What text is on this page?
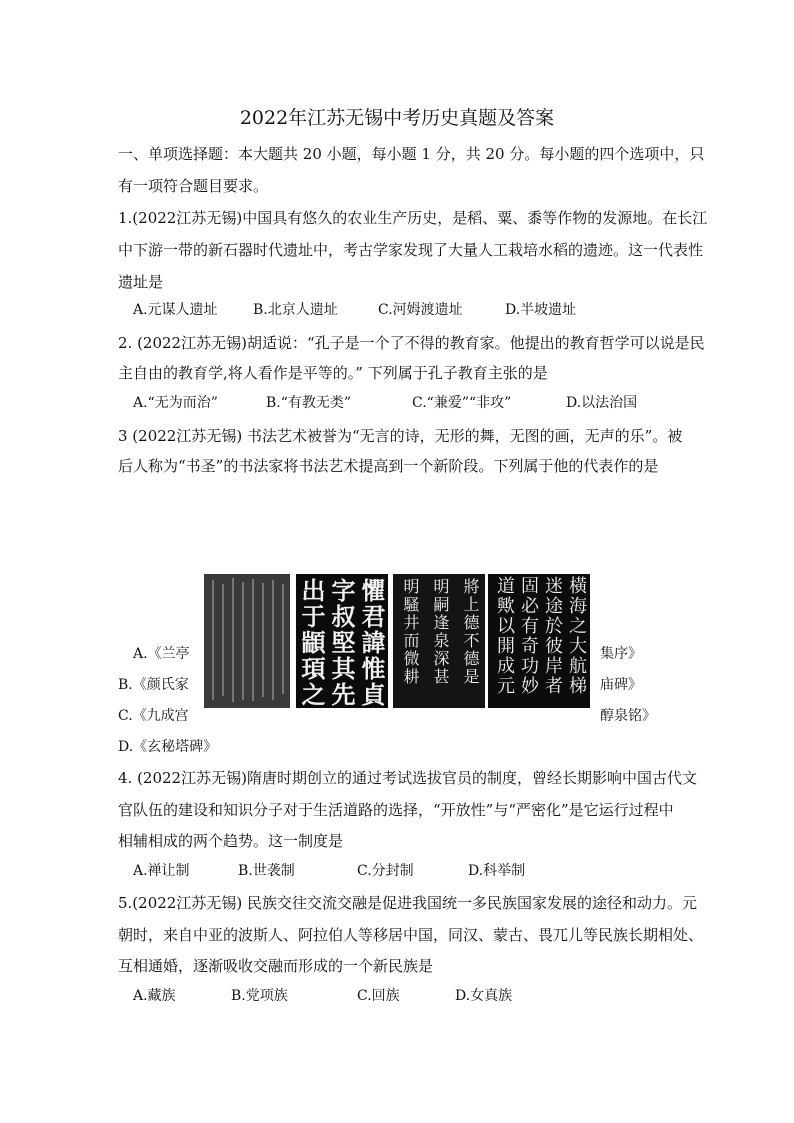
2022年江苏无锡中考历史真题及答案
一、单项选择题：本大题共 20 小题，每小题 1 分，共 20 分。每小题的四个选项中，只
有一项符合题目要求。
1.(2022江苏无锡)中国具有悠久的农业生产历史，是稻、粟、黍等作物的发源地。在长江
中下游一带的新石器时代遗址中，考古学家发现了大量人工栽培水稻的遗迹。这一代表性
遗址是
A.元谋人遗址	B.北京人遗址	C.河姆渡遗址	D.半坡遗址
2. (2022江苏无锡)胡适说：“孔子是一个了不得的教育家。他提出的教育哲学可以说是民
主自由的教育学,将人看作是平等的。” 下列属于孔子教育主张的是
A.“无为而治”	B.“有教无类”	C.“兼爱”“非攻”	D.以法治国
3 (2022江苏无锡) 书法艺术被誉为“无言的诗，无形的舞，无图的画，无声的乐”。被
后人称为“书圣”的书法家将书法艺术提高到一个新阶段。下列属于他的代表作的是
懼君諱惟貞
字叔堅其先
出于顓頊之	將上德不德是
明嗣逢泉深甚
明騷井而微耕	橫海之大航梯
迷途於彼岸者
固必有奇功妙
道歟以開成元
A.《兰亭	集序》
B.《颜氏家	庙碑》
C.《九成宫	醇泉铭》
D.《玄秘塔碑》
4. (2022江苏无锡)隋唐时期创立的通过考试选拔官员的制度，曾经长期影响中国古代文
官队伍的建设和知识分子对于生活道路的选择，“开放性”与“严密化”是它运行过程中
相辅相成的两个趋势。这一制度是
A.禅让制	B.世袭制	C.分封制	D.科举制
5.(2022江苏无锡) 民族交往交流交融是促进我国统一多民族国家发展的途径和动力。元
朝时，来自中亚的波斯人、阿拉伯人等移居中国，同汉、蒙古、畏兀儿等民族长期相处、
互相通婚，逐渐吸收交融而形成的一个新民族是
A.藏族	B.党项族	C.回族	D.女真族
